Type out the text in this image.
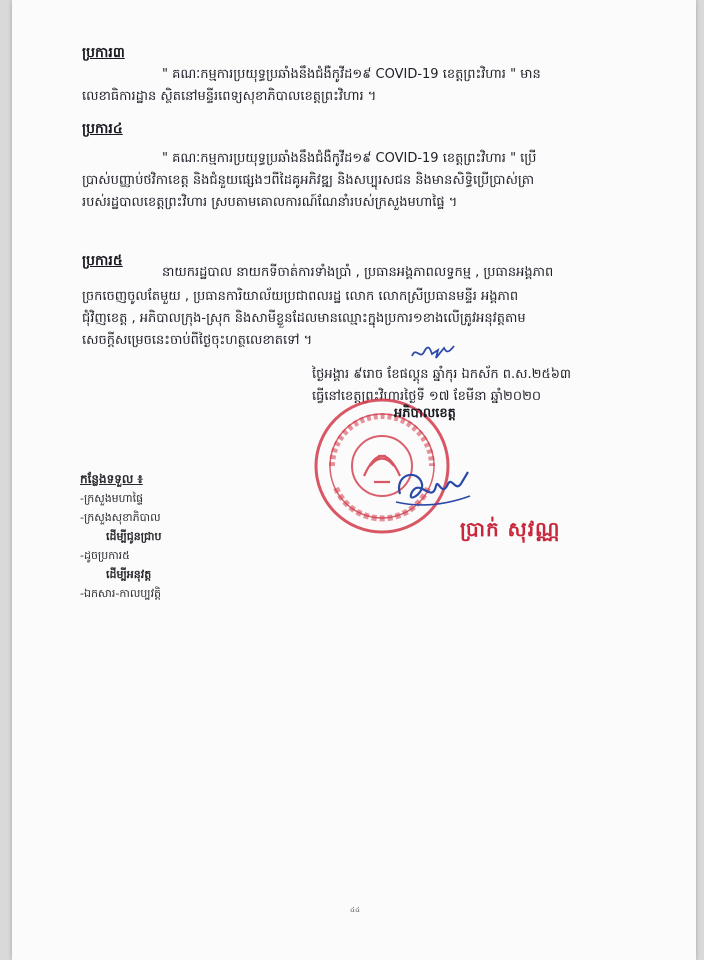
ប្រការ៣
" គណៈកម្មការប្រយុទ្ធប្រឆាំងនឹងជំងឺកូវីដ១៩ COVID-19 ខេត្តព្រះវិហារ " មាន
លេខាធិការដ្ឋាន ស្ថិតនៅមន្ទីរពេទ្យសុខាភិបាលខេត្តព្រះវិហារ ។
ប្រការ៤
" គណៈកម្មការប្រយុទ្ធប្រឆាំងនឹងជំងឺកូវីដ១៩ COVID-19 ខេត្តព្រះវិហារ " ប្រើ
ប្រាស់បញ្ញាប់ថវិកាខេត្ត និងជំនួយផ្សេងៗពីដៃគូអភិវឌ្ឍ និងសប្បុរសជន និងមានសិទ្ធិប្រើប្រាស់ត្រា
របស់រដ្ឋបាលខេត្តព្រះវិហារ ស្របតាមគោលការណ៍ណែនាំរបស់ក្រសួងមហាផ្ទៃ ។
ប្រការ៥
នាយករដ្ឋបាល នាយកទីចាត់ការទាំងប្រាំ , ប្រធានអង្គភាពលទ្ធកម្ម , ប្រធានអង្គភាព
ច្រកចេញចូលតែមួយ , ប្រធានការិយាល័យប្រជាពលរដ្ឋ លោក លោកស្រីប្រធានមន្ទីរ អង្គភាព
ជុំវិញខេត្ត , អភិបាលក្រុង-ស្រុក និងសាមីខ្លួនដែលមានឈ្មោះក្នុងប្រការ១ខាងលើត្រូវអនុវត្តតាម
សេចក្ដីសម្រេចនេះចាប់ពីថ្ងៃចុះហត្ថលេខាតទៅ ។
ថ្ងៃអង្គារ ៩រោច ខែផល្គុន ឆ្នាំកុរ ឯកស័ក ព.ស.២៥៦៣
ធ្វើនៅខេត្តព្រះវិហារថ្ងៃទី ១៧ ខែមីនា ឆ្នាំ២០២០
អភិបាលខេត្ត
ប្រាក់ សុវណ្ណ
កន្លែងទទួល ៖
-ក្រសួងមហាផ្ទៃ
-ក្រសួងសុខាភិបាល
ដើម្បីជូនជ្រាប
-ដូចប្រការ៥
ដើម្បីអនុវត្ត
-ឯកសារ-កាលប្បវត្តិ
៤៤
